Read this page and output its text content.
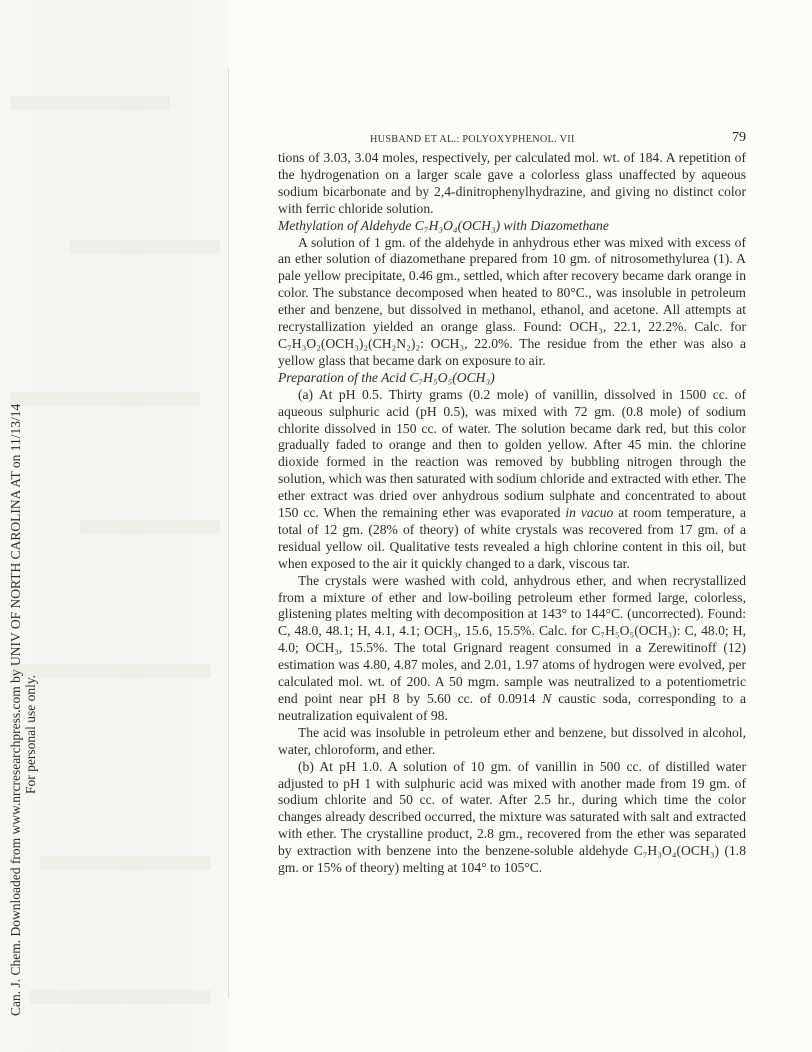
Can. J. Chem. Downloaded from www.nrcresearchpress.com by UNIV OF NORTH CAROLINA AT on 11/13/14 For personal use only.
HUSBAND ET AL.: POLYOXYPHENOL. VII	79

tions of 3.03, 3.04 moles, respectively, per calculated mol. wt. of 184. A repetition of the hydrogenation on a larger scale gave a colorless glass unaffected by aqueous sodium bicarbonate and by 2,4-dinitrophenylhydrazine, and giving no distinct color with ferric chloride solution.

Methylation of Aldehyde C₇H₃O₄(OCH₃) with Diazomethane

A solution of 1 gm. of the aldehyde in anhydrous ether was mixed with excess of an ether solution of diazomethane prepared from 10 gm. of nitrosomethylurea (1). A pale yellow precipitate, 0.46 gm., settled, which after recovery became dark orange in color. The substance decomposed when heated to 80°C., was insoluble in petroleum ether and benzene, but dissolved in methanol, ethanol, and acetone. All attempts at recrystallization yielded an orange glass. Found: OCH₃, 22.1, 22.2%. Calc. for C₇H₃O₂(OCH₃)₂(CH₂N₂)₂: OCH₃, 22.0%. The residue from the ether was also a yellow glass that became dark on exposure to air.

Preparation of the Acid C₇H₅O₅(OCH₃)

(a) At pH 0.5. Thirty grams (0.2 mole) of vanillin, dissolved in 1500 cc. of aqueous sulphuric acid (pH 0.5), was mixed with 72 gm. (0.8 mole) of sodium chlorite dissolved in 150 cc. of water. The solution became dark red, but this color gradually faded to orange and then to golden yellow. After 45 min. the chlorine dioxide formed in the reaction was removed by bubbling nitrogen through the solution, which was then saturated with sodium chloride and extracted with ether. The ether extract was dried over anhydrous sodium sulphate and concentrated to about 150 cc. When the remaining ether was evaporated in vacuo at room temperature, a total of 12 gm. (28% of theory) of white crystals was recovered from 17 gm. of a residual yellow oil. Qualitative tests revealed a high chlorine content in this oil, but when exposed to the air it quickly changed to a dark, viscous tar.

The crystals were washed with cold, anhydrous ether, and when recrystallized from a mixture of ether and low-boiling petroleum ether formed large, colorless, glistening plates melting with decomposition at 143° to 144°C. (uncorrected). Found: C, 48.0, 48.1; H, 4.1, 4.1; OCH₃, 15.6, 15.5%. Calc. for C₇H₅O₅(OCH₃): C, 48.0; H, 4.0; OCH₃, 15.5%. The total Grignard reagent consumed in a Zerewitinoff (12) estimation was 4.80, 4.87 moles, and 2.01, 1.97 atoms of hydrogen were evolved, per calculated mol. wt. of 200. A 50 mgm. sample was neutralized to a potentiometric end point near pH 8 by 5.60 cc. of 0.0914 N caustic soda, corresponding to a neutralization equivalent of 98.

The acid was insoluble in petroleum ether and benzene, but dissolved in alcohol, water, chloroform, and ether.

(b) At pH 1.0. A solution of 10 gm. of vanillin in 500 cc. of distilled water adjusted to pH 1 with sulphuric acid was mixed with another made from 19 gm. of sodium chlorite and 50 cc. of water. After 2.5 hr., during which time the color changes already described occurred, the mixture was saturated with salt and extracted with ether. The crystalline product, 2.8 gm., recovered from the ether was separated by extraction with benzene into the benzene-soluble aldehyde C₇H₃O₄(OCH₃) (1.8 gm. or 15% of theory) melting at 104° to 105°C.
